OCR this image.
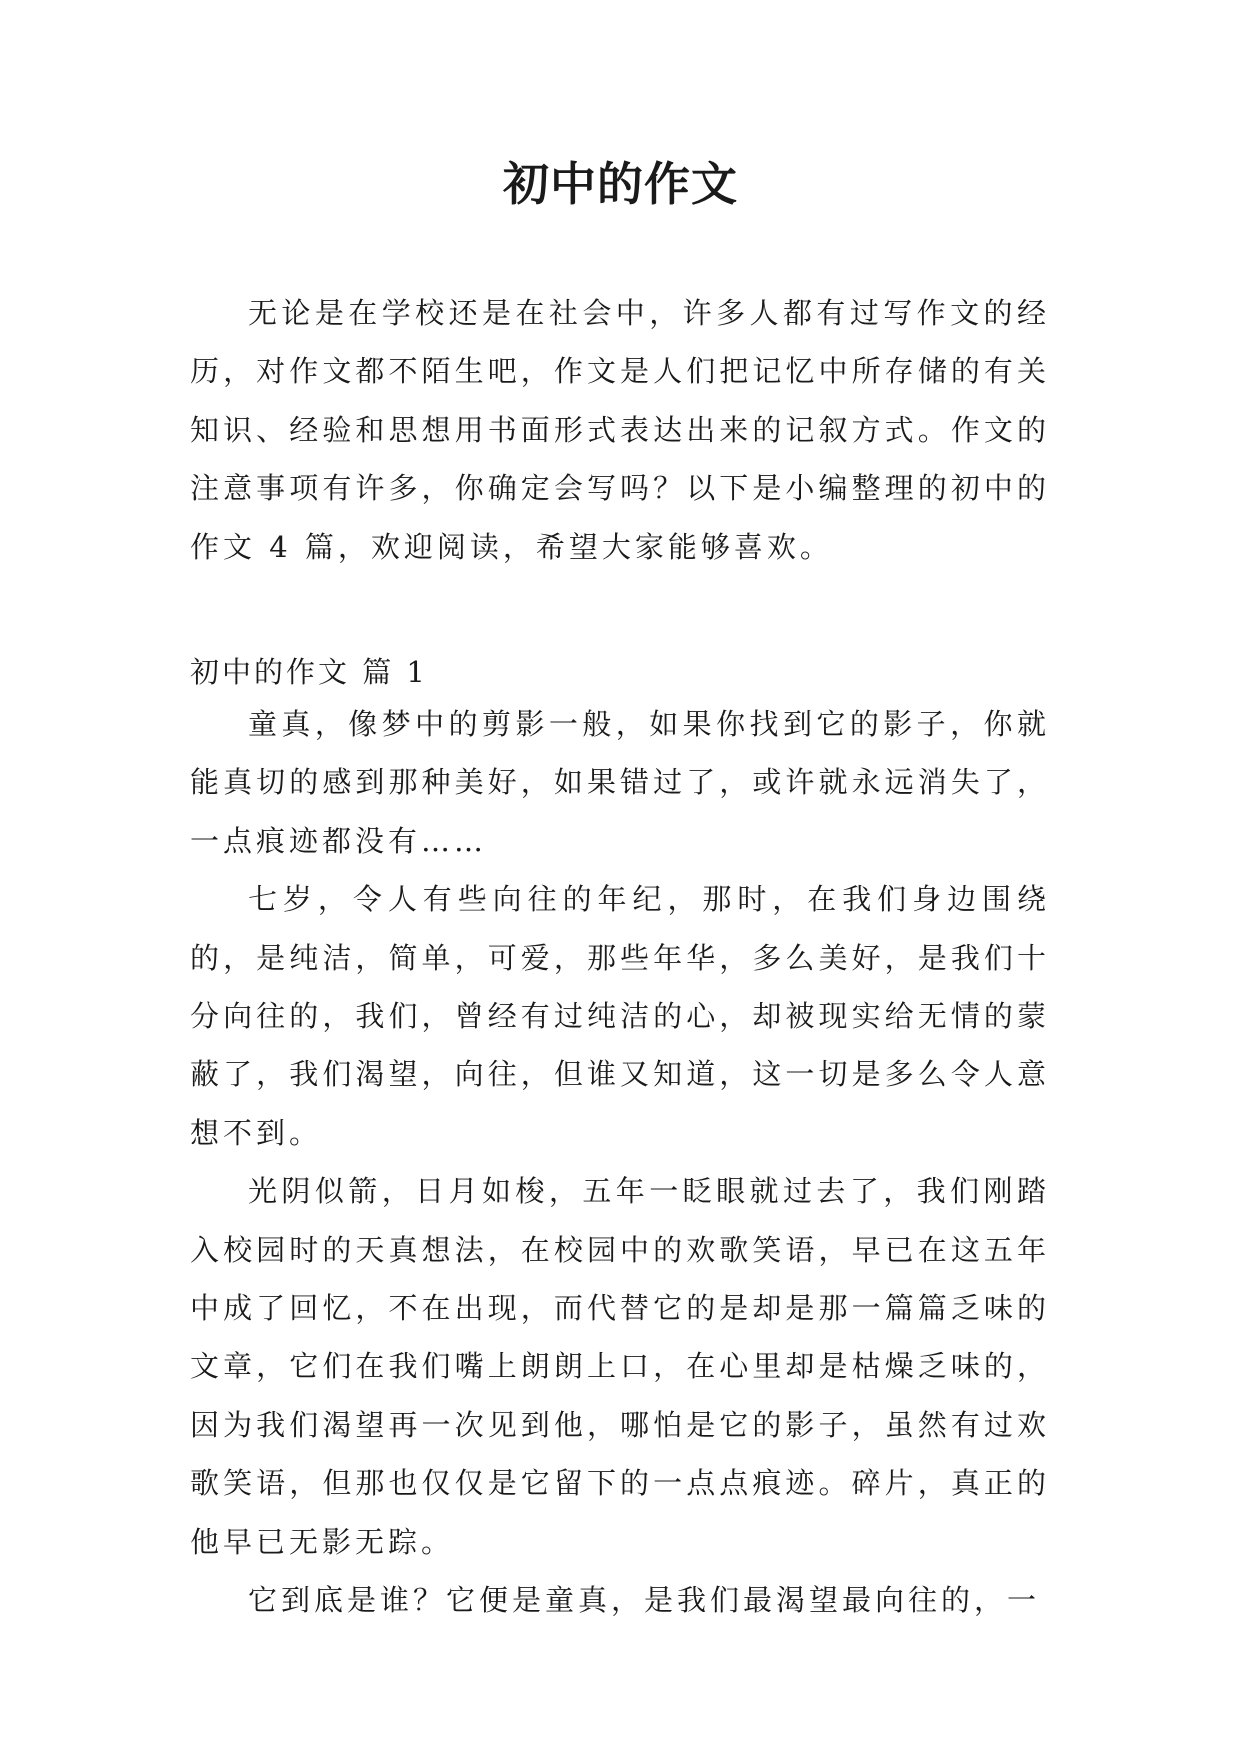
初中的作文

无论是在学校还是在社会中，许多人都有过写作文的经历，对作文都不陌生吧，作文是人们把记忆中所存储的有关知识、经验和思想用书面形式表达出来的记叙方式。作文的注意事项有许多，你确定会写吗？以下是小编整理的初中的作文 4 篇，欢迎阅读，希望大家能够喜欢。

初中的作文 篇 1

童真，像梦中的剪影一般，如果你找到它的影子，你就能真切的感到那种美好，如果错过了，或许就永远消失了，一点痕迹都没有……

七岁，令人有些向往的年纪，那时，在我们身边围绕的，是纯洁，简单，可爱，那些年华，多么美好，是我们十分向往的，我们，曾经有过纯洁的心，却被现实给无情的蒙蔽了，我们渴望，向往，但谁又知道，这一切是多么令人意想不到。

光阴似箭，日月如梭，五年一眨眼就过去了，我们刚踏入校园时的天真想法，在校园中的欢歌笑语，早已在这五年中成了回忆，不在出现，而代替它的是却是那一篇篇乏味的文章，它们在我们嘴上朗朗上口，在心里却是枯燥乏味的，因为我们渴望再一次见到他，哪怕是它的影子，虽然有过欢歌笑语，但那也仅仅是它留下的一点点痕迹。碎片，真正的他早已无影无踪。

它到底是谁？它便是童真，是我们最渴望最向往的，一
